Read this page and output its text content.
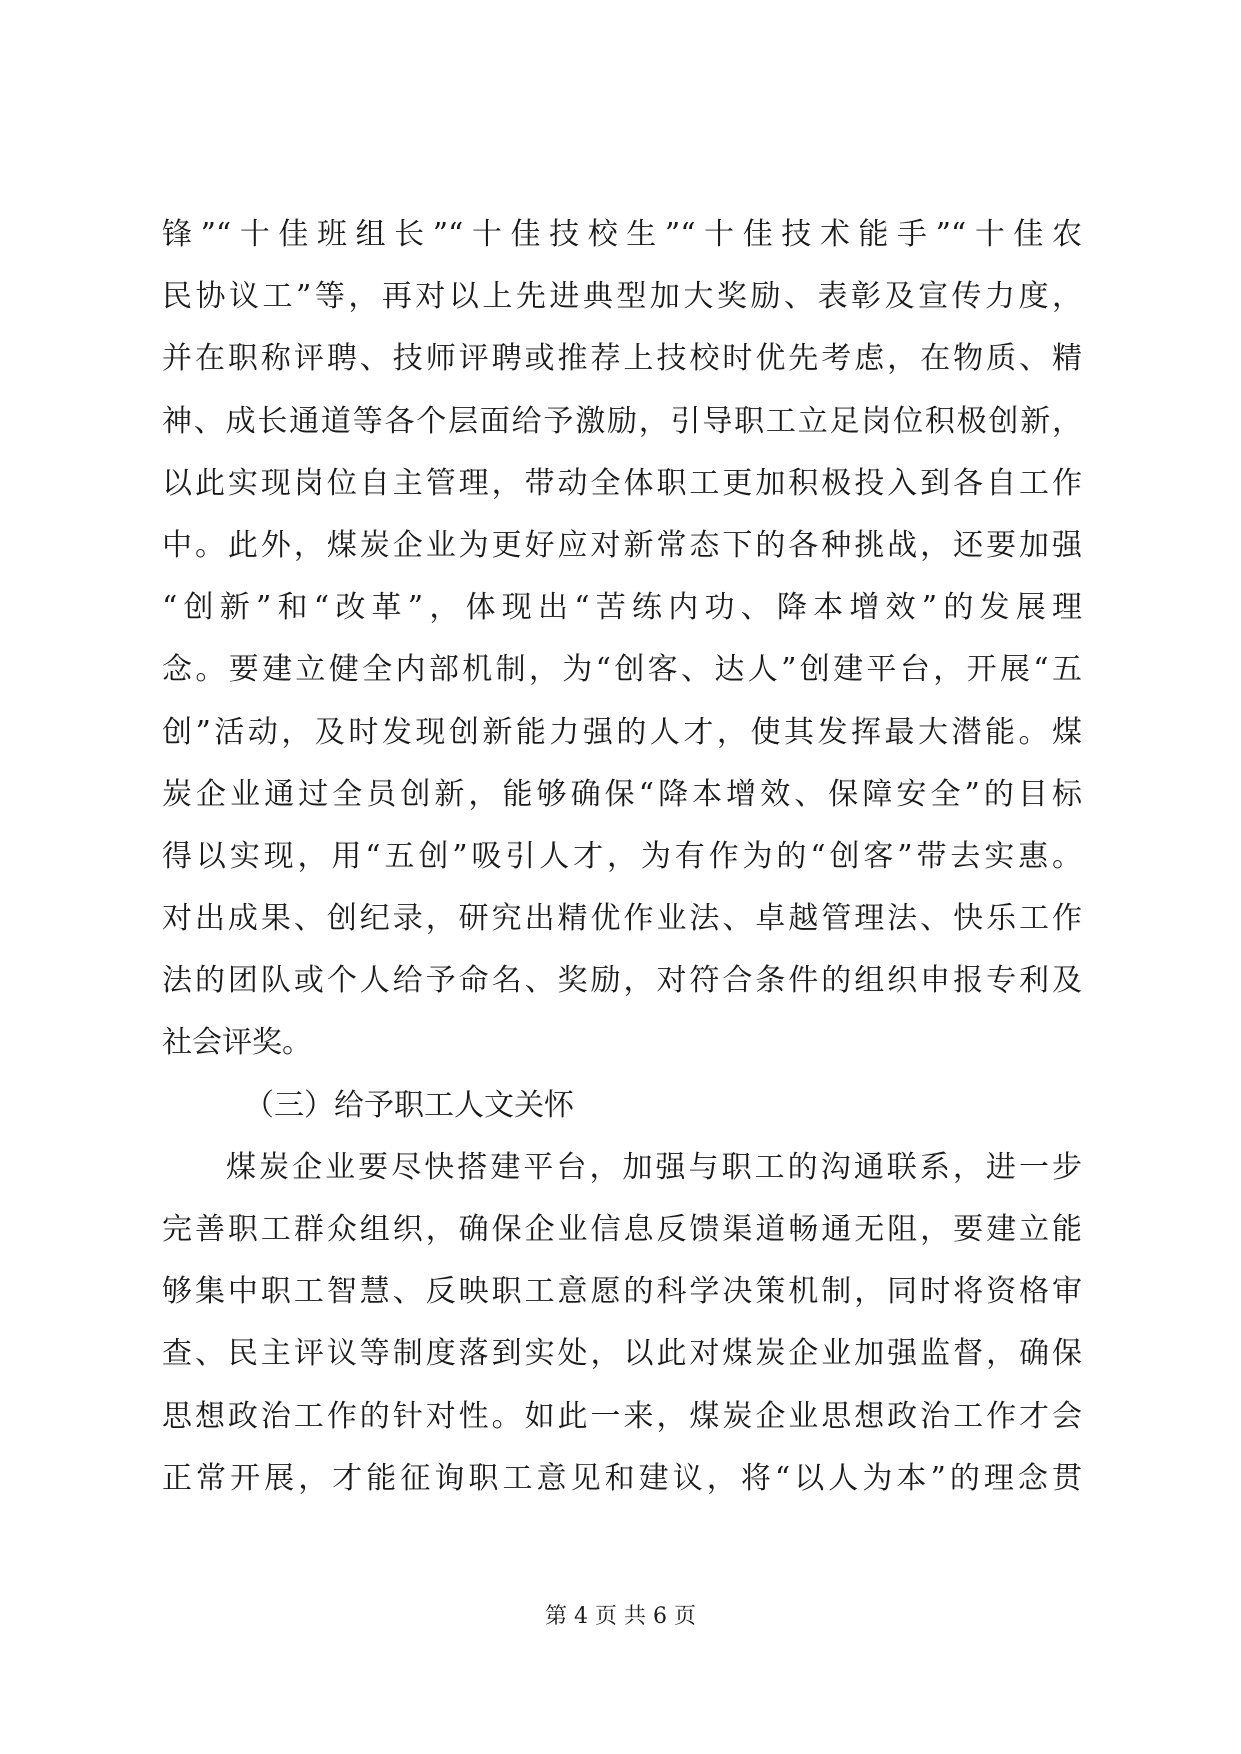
锋”“十佳班组长”“十佳技校生”“十佳技术能手”“十佳农
民协议工”等，再对以上先进典型加大奖励、表彰及宣传力度，
并在职称评聘、技师评聘或推荐上技校时优先考虑，在物质、精
神、成长通道等各个层面给予激励，引导职工立足岗位积极创新，
以此实现岗位自主管理，带动全体职工更加积极投入到各自工作
中。此外，煤炭企业为更好应对新常态下的各种挑战，还要加强
“创新”和“改革”，体现出“苦练内功、降本增效”的发展理
念。要建立健全内部机制，为“创客、达人”创建平台，开展“五
创”活动，及时发现创新能力强的人才，使其发挥最大潜能。煤
炭企业通过全员创新，能够确保“降本增效、保障安全”的目标
得以实现，用“五创”吸引人才，为有作为的“创客”带去实惠。
对出成果、创纪录，研究出精优作业法、卓越管理法、快乐工作
法的团队或个人给予命名、奖励，对符合条件的组织申报专利及
社会评奖。
（三）给予职工人文关怀
煤炭企业要尽快搭建平台，加强与职工的沟通联系，进一步
完善职工群众组织，确保企业信息反馈渠道畅通无阻，要建立能
够集中职工智慧、反映职工意愿的科学决策机制，同时将资格审
查、民主评议等制度落到实处，以此对煤炭企业加强监督，确保
思想政治工作的针对性。如此一来，煤炭企业思想政治工作才会
正常开展，才能征询职工意见和建议，将“以人为本”的理念贯
第 4 页 共 6 页
